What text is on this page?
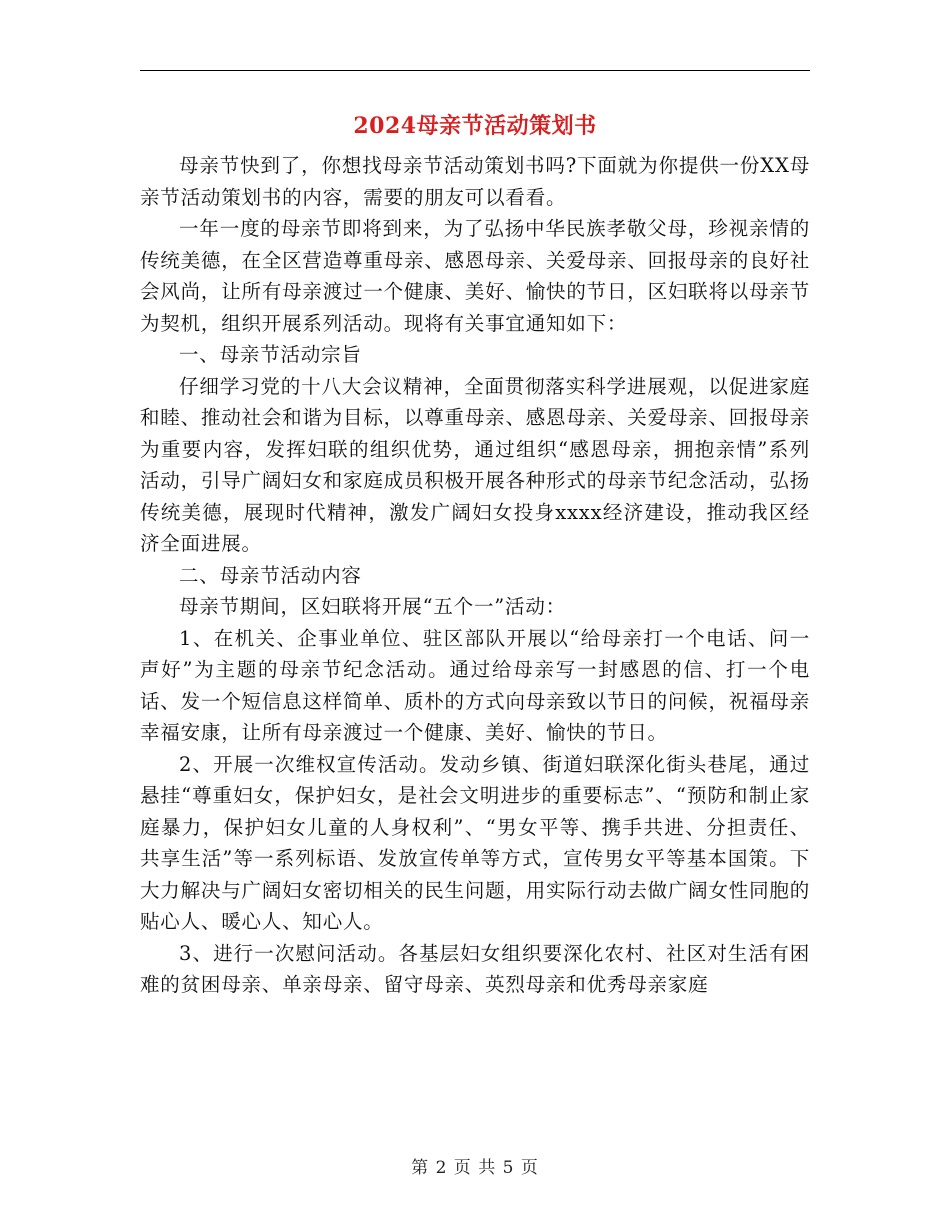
2024母亲节活动策划书

母亲节快到了，你想找母亲节活动策划书吗?下面就为你提供一份XX母亲节活动策划书的内容，需要的朋友可以看看。

一年一度的母亲节即将到来，为了弘扬中华民族孝敬父母，珍视亲情的传统美德，在全区营造尊重母亲、感恩母亲、关爱母亲、回报母亲的良好社会风尚，让所有母亲渡过一个健康、美好、愉快的节日，区妇联将以母亲节为契机，组织开展系列活动。现将有关事宜通知如下：

一、母亲节活动宗旨

仔细学习党的十八大会议精神，全面贯彻落实科学进展观，以促进家庭和睦、推动社会和谐为目标，以尊重母亲、感恩母亲、关爱母亲、回报母亲为重要内容，发挥妇联的组织优势，通过组织“感恩母亲，拥抱亲情”系列活动，引导广阔妇女和家庭成员积极开展各种形式的母亲节纪念活动，弘扬传统美德，展现时代精神，激发广阔妇女投身xxxx经济建设，推动我区经济全面进展。

二、母亲节活动内容

母亲节期间，区妇联将开展“五个一”活动：

1、在机关、企事业单位、驻区部队开展以“给母亲打一个电话、问一声好”为主题的母亲节纪念活动。通过给母亲写一封感恩的信、打一个电话、发一个短信息这样简单、质朴的方式向母亲致以节日的问候，祝福母亲幸福安康，让所有母亲渡过一个健康、美好、愉快的节日。

2、开展一次维权宣传活动。发动乡镇、街道妇联深化街头巷尾，通过悬挂“尊重妇女，保护妇女，是社会文明进步的重要标志”、“预防和制止家庭暴力，保护妇女儿童的人身权利”、“男女平等、携手共进、分担责任、共享生活”等一系列标语、发放宣传单等方式，宣传男女平等基本国策。下大力解决与广阔妇女密切相关的民生问题，用实际行动去做广阔女性同胞的贴心人、暖心人、知心人。

3、进行一次慰问活动。各基层妇女组织要深化农村、社区对生活有困难的贫困母亲、单亲母亲、留守母亲、英烈母亲和优秀母亲家庭

第 2 页 共 5 页
